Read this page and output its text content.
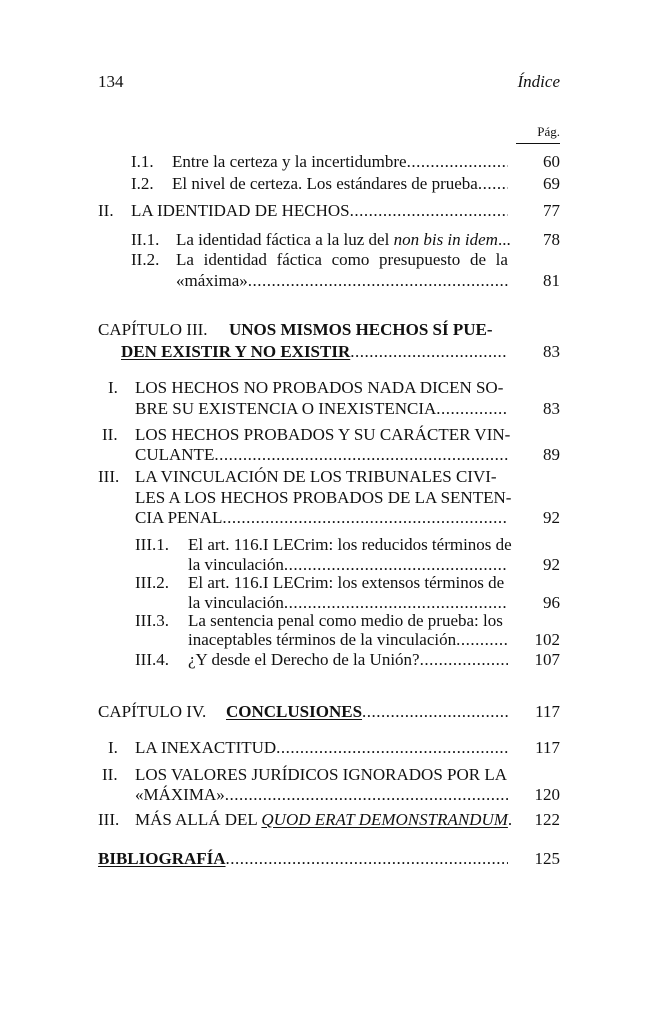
134	Índice
Pág.
I.1. Entre la certeza y la incertidumbre .....	60
I.2. El nivel de certeza. Los estándares de prueba .....	69
II. LA IDENTIDAD DE HECHOS .....	77
II.1. La identidad fáctica a la luz del non bis in idem... 78
II.2. La identidad fáctica como presupuesto de la
«máxima» .....	81
CAPÍTULO III. UNOS MISMOS HECHOS SÍ PUE-
DEN EXISTIR Y NO EXISTIR .....	83
I. LOS HECHOS NO PROBADOS NADA DICEN SO-
BRE SU EXISTENCIA O INEXISTENCIA .....	83
II. LOS HECHOS PROBADOS Y SU CARÁCTER VIN-
CULANTE .....	89
III. LA VINCULACIÓN DE LOS TRIBUNALES CIVI-
LES A LOS HECHOS PROBADOS DE LA SENTEN-
CIA PENAL .....	92
III.1. El art. 116.I LECrim: los reducidos términos de
la vinculación .....	92
III.2. El art. 116.I LECrim: los extensos términos de
la vinculación .....	96
III.3. La sentencia penal como medio de prueba: los
inaceptables términos de la vinculación .....	102
III.4. ¿Y desde el Derecho de la Unión? .....	107
CAPÍTULO IV. CONCLUSIONES .....	117
I. LA INEXACTITUD .....	117
II. LOS VALORES JURÍDICOS IGNORADOS POR LA
«MÁXIMA» .....	120
III. MÁS ALLÁ DEL QUOD ERAT DEMONSTRANDUM. 122
BIBLIOGRAFÍA .....	125
